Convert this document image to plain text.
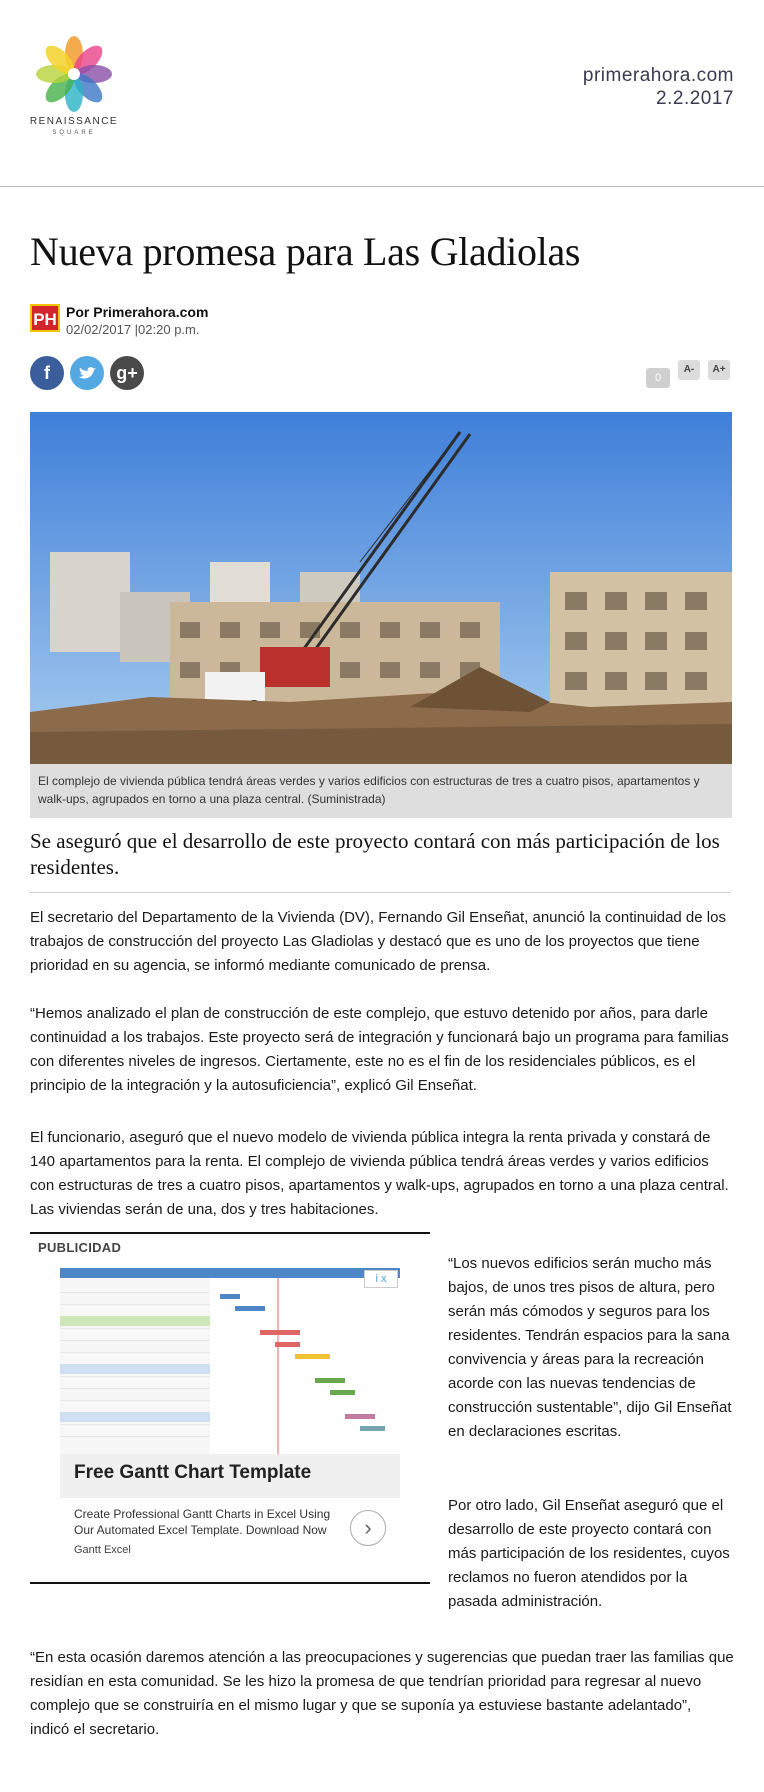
RENAISSANCE
SQUARE
primerahora.com
2.2.2017
Nueva promesa para Las Gladiolas
PH Por Primerahora.com
02/02/2017 |02:20 p.m.
f	g+	0
A-	A+
El complejo de vivienda pública tendrá áreas verdes y varios edificios con estructuras de tres a cuatro pisos, apartamentos y walk-ups, agrupados en torno a una plaza central. (Suministrada)
Se aseguró que el desarrollo de este proyecto contará con más participación de los residentes.

El secretario del Departamento de la Vivienda (DV), Fernando Gil Enseñat, anunció la continuidad de los trabajos de construcción del proyecto Las Gladiolas y destacó que es uno de los proyectos que tiene prioridad en su agencia, se informó mediante comunicado de prensa.

“Hemos analizado el plan de construcción de este complejo, que estuvo detenido por años, para darle continuidad a los trabajos. Este proyecto será de integración y funcionará bajo un programa para familias con diferentes niveles de ingresos. Ciertamente, este no es el fin de los residenciales públicos, es el principio de la integración y la autosuficiencia”, explicó Gil Enseñat.

El funcionario, aseguró que el nuevo modelo de vivienda pública integra la renta privada y constará de 140 apartamentos para la renta. El complejo de vivienda pública tendrá áreas verdes y varios edificios con estructuras de tres a cuatro pisos, apartamentos y walk-ups, agrupados en torno a una plaza central. Las viviendas serán de una, dos y tres habitaciones.

PUBLICIDAD
i x
Free Gantt Chart Template
Create Professional Gantt Charts in Excel Using Our Automated Excel Template. Download Now
Gantt Excel
›

“Los nuevos edificios serán mucho más bajos, de unos tres pisos de altura, pero serán más cómodos y seguros para los residentes. Tendrán espacios para la sana convivencia y áreas para la recreación acorde con las nuevas tendencias de construcción sustentable”, dijo Gil Enseñat en declaraciones escritas.

Por otro lado, Gil Enseñat aseguró que el desarrollo de este proyecto contará con más participación de los residentes, cuyos reclamos no fueron atendidos por la pasada administración.

“En esta ocasión daremos atención a las preocupaciones y sugerencias que puedan traer las familias que residían en esta comunidad. Se les hizo la promesa de que tendrían prioridad para regresar al nuevo complejo que se construiría en el mismo lugar y que se suponía ya estuviese bastante adelantado”, indicó el secretario.
